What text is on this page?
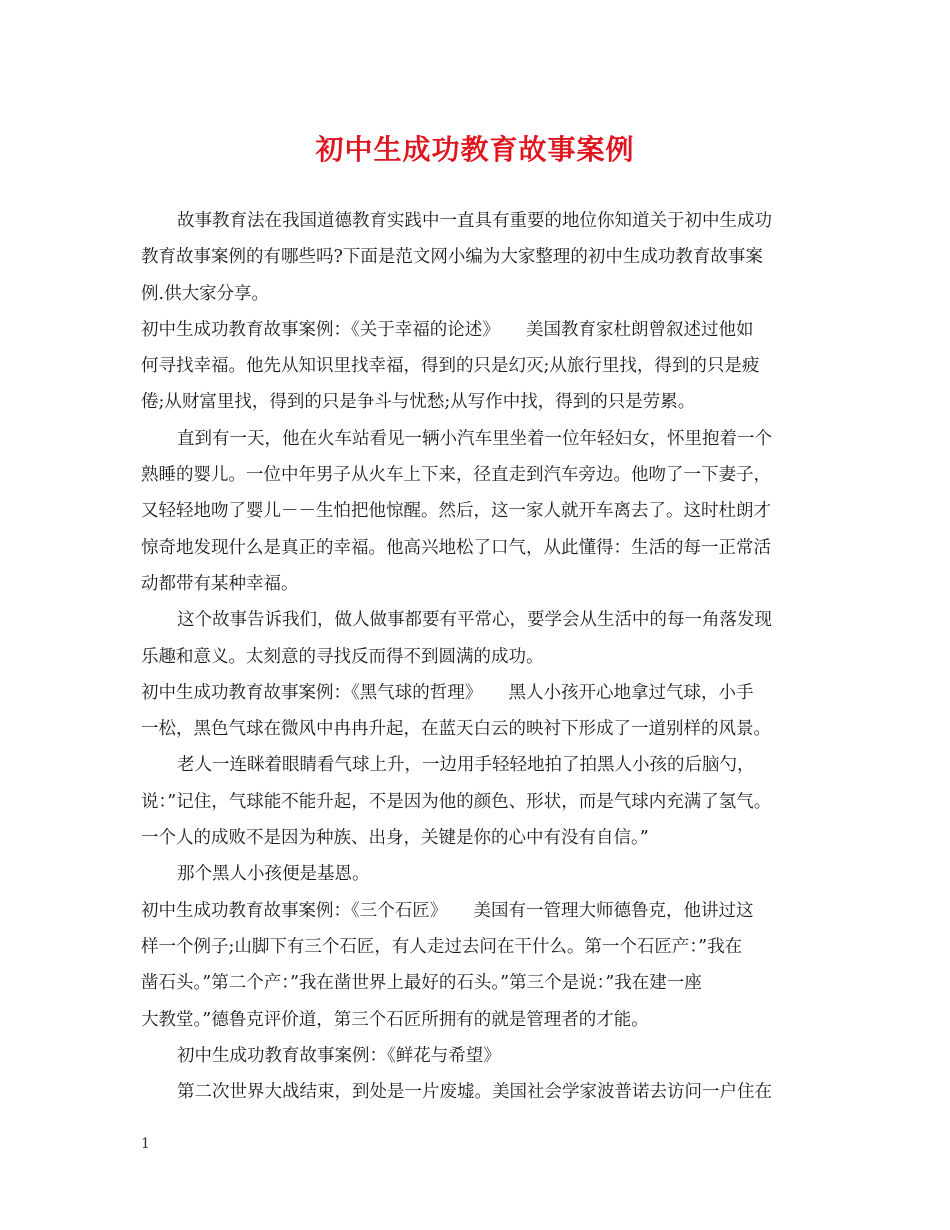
初中生成功教育故事案例
故事教育法在我国道德教育实践中一直具有重要的地位你知道关于初中生成功
教育故事案例的有哪些吗?下面是范文网小编为大家整理的初中生成功教育故事案
例.供大家分享。
初中生成功教育故事案例：《关于幸福的论述》　　美国教育家杜朗曾叙述过他如
何寻找幸福。他先从知识里找幸福，得到的只是幻灭;从旅行里找，得到的只是疲
倦;从财富里找，得到的只是争斗与忧愁;从写作中找，得到的只是劳累。
直到有一天，他在火车站看见一辆小汽车里坐着一位年轻妇女，怀里抱着一个
熟睡的婴儿。一位中年男子从火车上下来，径直走到汽车旁边。他吻了一下妻子，
又轻轻地吻了婴儿－－生怕把他惊醒。然后，这一家人就开车离去了。这时杜朗才
惊奇地发现什么是真正的幸福。他高兴地松了口气，从此懂得：生活的每一正常活
动都带有某种幸福。
这个故事告诉我们，做人做事都要有平常心，要学会从生活中的每一角落发现
乐趣和意义。太刻意的寻找反而得不到圆满的成功。
初中生成功教育故事案例：《黑气球的哲理》　　黑人小孩开心地拿过气球，小手
一松，黑色气球在微风中冉冉升起，在蓝天白云的映衬下形成了一道别样的风景。
老人一连眯着眼睛看气球上升，一边用手轻轻地拍了拍黑人小孩的后脑勺，
说：”记住，气球能不能升起，不是因为他的颜色、形状，而是气球内充满了氢气。
一个人的成败不是因为种族、出身，关键是你的心中有没有自信。”
那个黑人小孩便是基恩。
初中生成功教育故事案例：《三个石匠》　　美国有一管理大师德鲁克，他讲过这
样一个例子;山脚下有三个石匠，有人走过去问在干什么。第一个石匠产：”我在
凿石头。”第二个产：”我在凿世界上最好的石头。”第三个是说：”我在建一座
大教堂。”德鲁克评价道，第三个石匠所拥有的就是管理者的才能。
初中生成功教育故事案例：《鲜花与希望》
第二次世界大战结束，到处是一片废墟。美国社会学家波普诺去访问一户住在
1
